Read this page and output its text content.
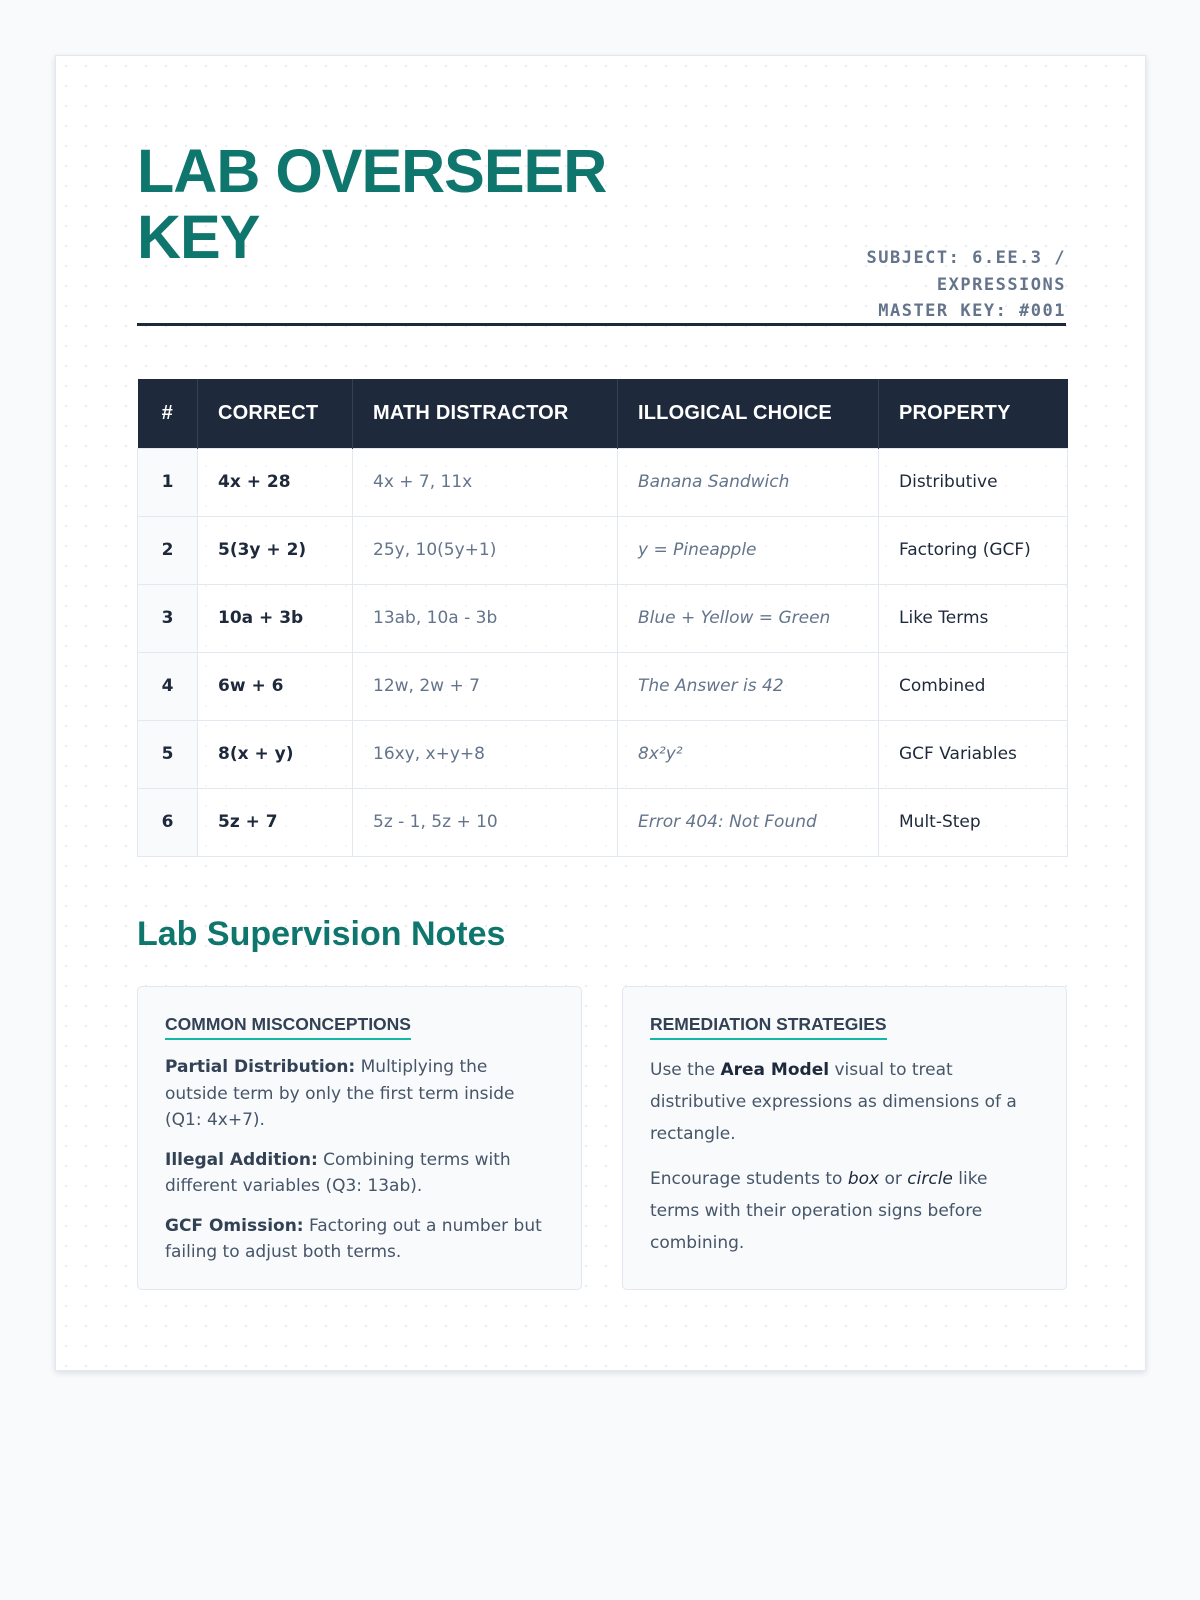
LAB OVERSEER
KEY	SUBJECT: 6.EE.3 /
EXPRESSIONS
MASTER KEY: #001
#	CORRECT	MATH DISTRACTOR	ILLOGICAL CHOICE	PROPERTY
1	4x + 28	4x + 7, 11x	Banana Sandwich	Distributive
2	5(3y + 2)	25y, 10(5y+1)	y = Pineapple	Factoring (GCF)
3	10a + 3b	13ab, 10a - 3b	Blue + Yellow = Green	Like Terms
4	6w + 6	12w, 2w + 7	The Answer is 42	Combined
5	8(x + y)	16xy, x+y+8	8x²y²	GCF Variables
6	5z + 7	5z - 1, 5z + 10	Error 404: Not Found	Mult-Step
Lab Supervision Notes
COMMON MISCONCEPTIONS

Partial Distribution: Multiplying the outside term by only the first term inside (Q1: 4x+7).

Illegal Addition: Combining terms with different variables (Q3: 13ab).

GCF Omission: Factoring out a number but failing to adjust both terms.

REMEDIATION STRATEGIES

Use the Area Model visual to treat distributive expressions as dimensions of a rectangle.

Encourage students to box or circle like terms with their operation signs before combining.
